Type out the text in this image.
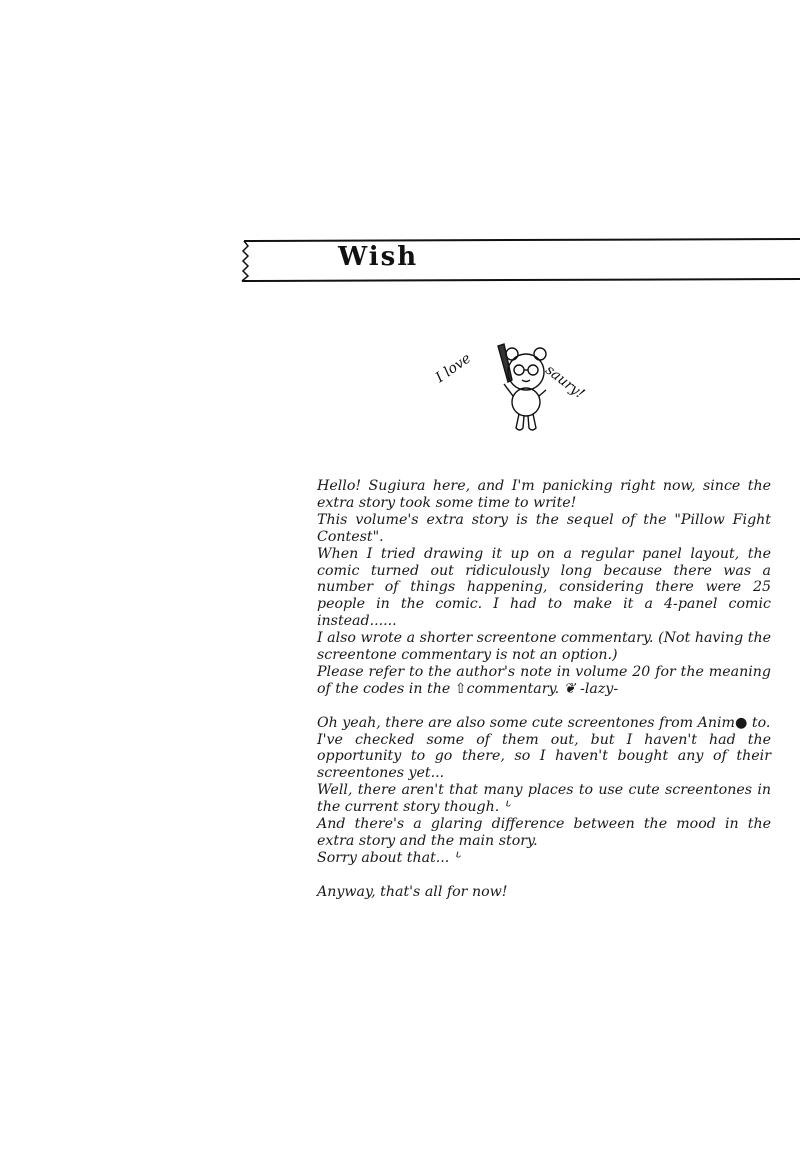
Wish
I love	saury!

Hello! Sugiura here, and I'm panicking right now, since the extra story took some time to write!

This volume's extra story is the sequel of the "Pillow Fight Contest".

When I tried drawing it up on a regular panel layout, the comic turned out ridiculously long because there was a number of things happening, considering there were 25 people in the comic. I had to make it a 4-panel comic instead......

I also wrote a shorter screentone commentary. (Not having the screentone commentary is not an option.)

Please refer to the author's note in volume 20 for the meaning of the codes in the ⇧commentary. ❦ -lazy-

Oh yeah, there are also some cute screentones from Anim● to.

I've checked some of them out, but I haven't had the opportunity to go there, so I haven't bought any of their screentones yet...

Well, there aren't that many places to use cute screentones in the current story though. ᒡ

And there's a glaring difference between the mood in the extra story and the main story.

Sorry about that... ᒡ

Anyway, that's all for now!
